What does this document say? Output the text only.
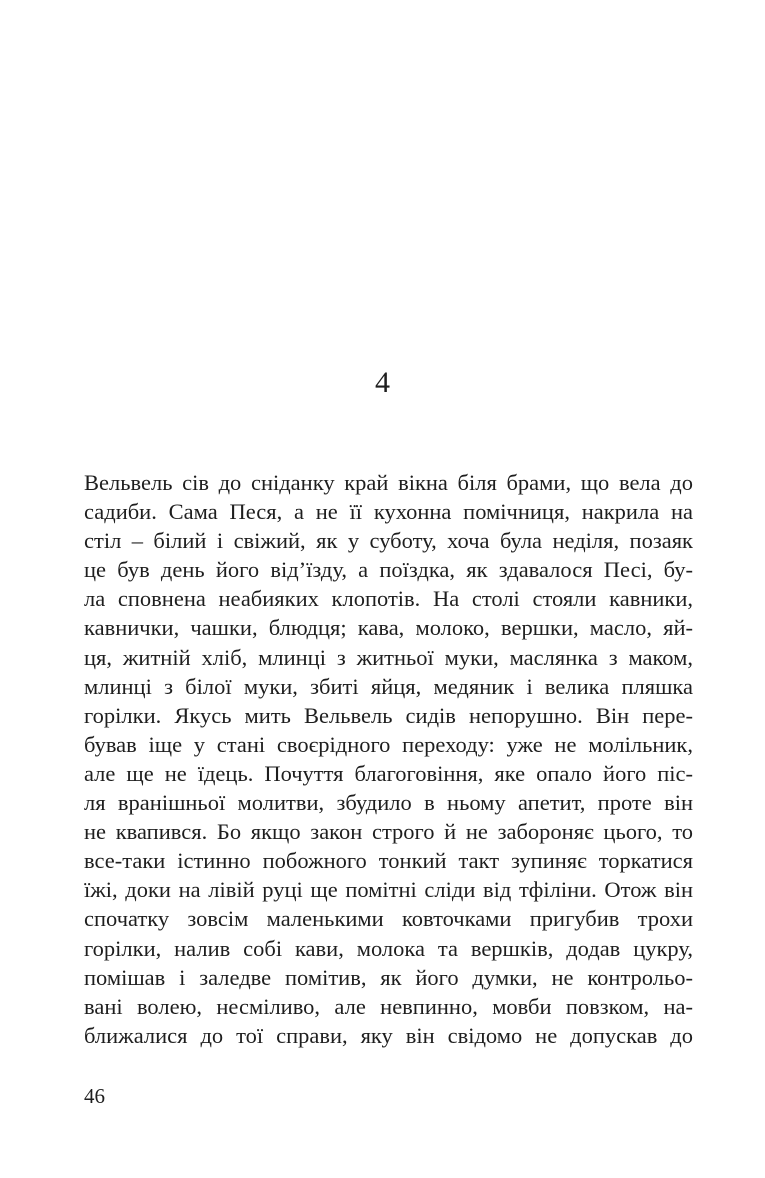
4
Вельвель сів до сніданку край вікна біля брами, що вела до
садиби. Сама Песя, а не її кухонна помічниця, накрила на
стіл – білий і свіжий, як у суботу, хоча була неділя, позаяк
це був день його від’їзду, а поїздка, як здавалося Песі, бу-
ла сповнена неабияких клопотів. На столі стояли кавники,
кавнички, чашки, блюдця; кава, молоко, вершки, масло, яй-
ця, житній хліб, млинці з житньої муки, маслянка з маком,
млинці з білої муки, збиті яйця, медяник і велика пляшка
горілки. Якусь мить Вельвель сидів непорушно. Він пере-
бував іще у стані своєрідного переходу: уже не молільник,
але ще не їдець. Почуття благоговіння, яке опало його піс-
ля вранішньої молитви, збудило в ньому апетит, проте він
не квапився. Бо якщо закон строго й не забороняє цього, то
все-таки істинно побожного тонкий такт зупиняє торкатися
їжі, доки на лівій руці ще помітні сліди від тфіліни. Отож він
спочатку зовсім маленькими ковточками пригубив трохи
горілки, налив собі кави, молока та вершків, додав цукру,
помішав і заледве помітив, як його думки, не контрольо-
вані волею, несміливо, але невпинно, мовби повзком, на-
ближалися до тої справи, яку він свідомо не допускав до
46
